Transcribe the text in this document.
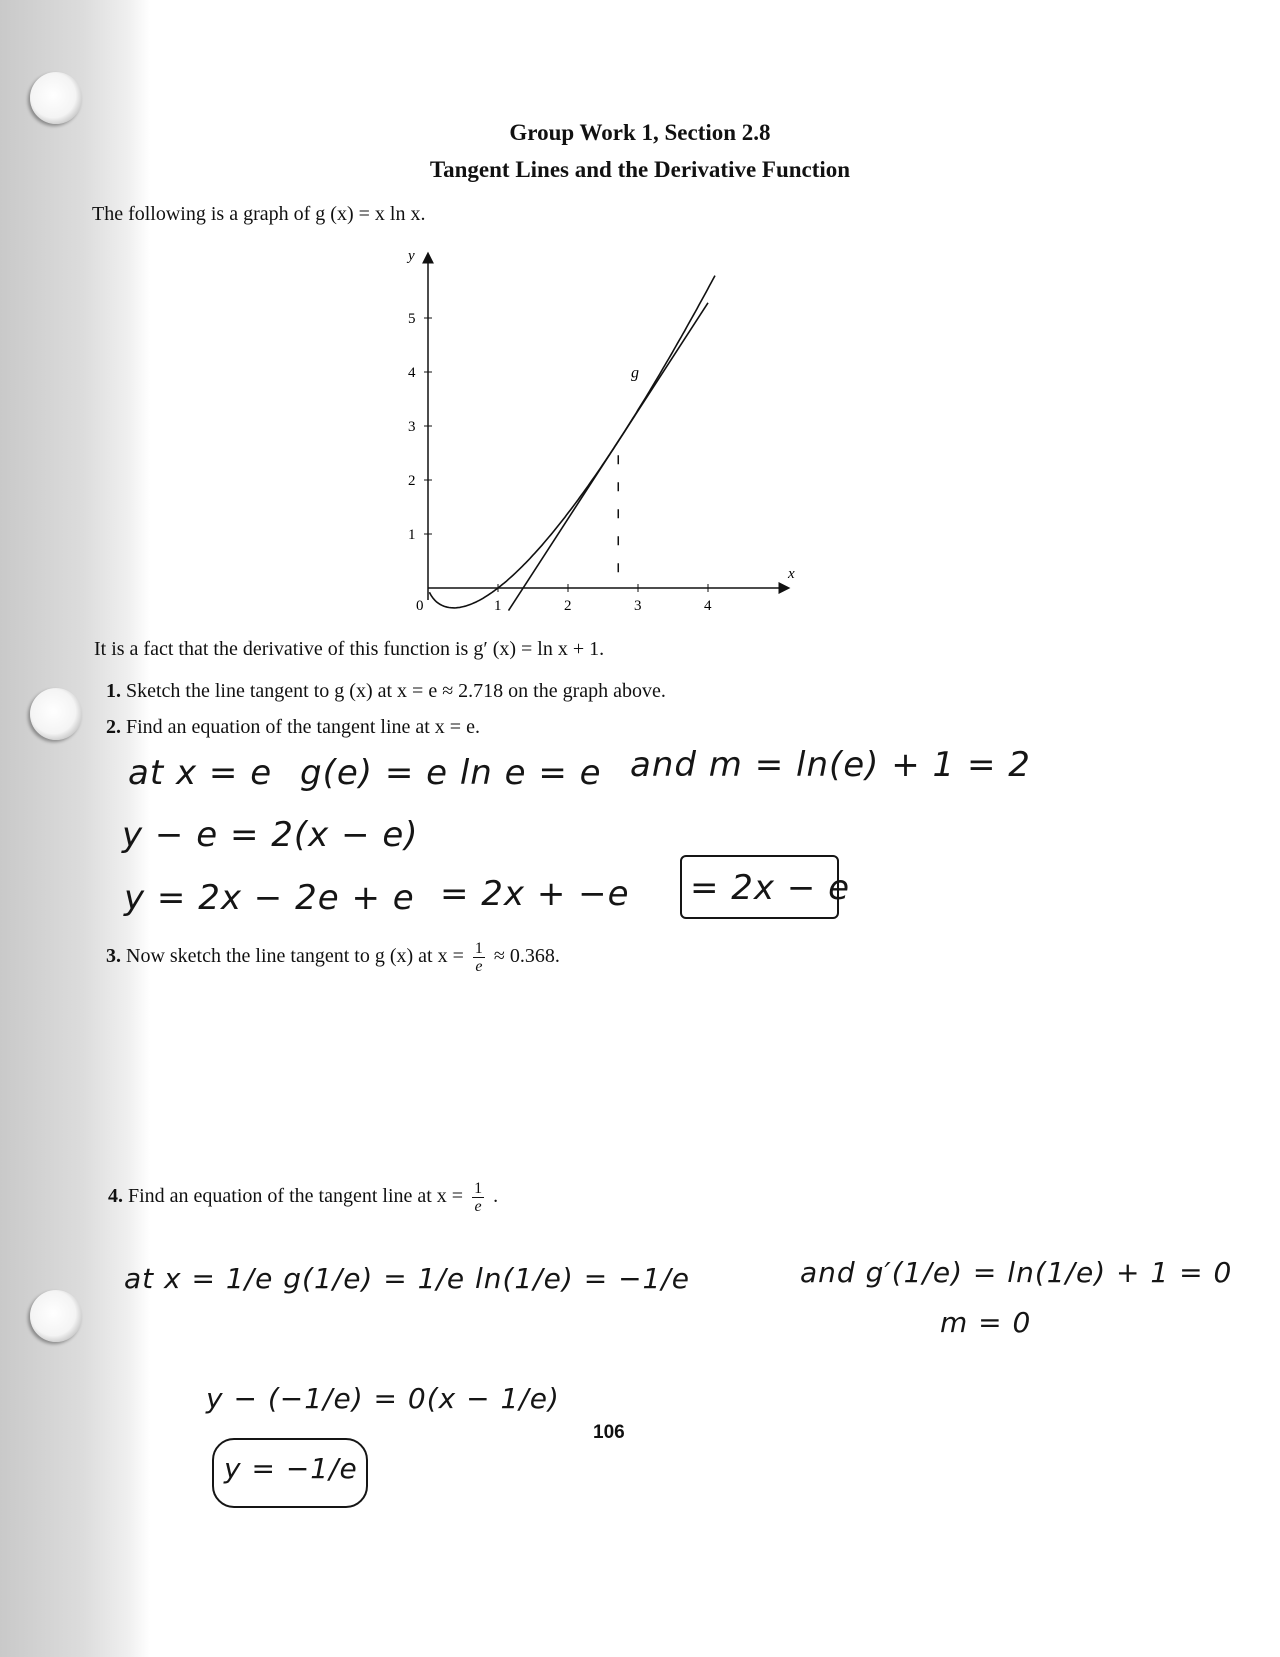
Group Work 1, Section 2.8
Tangent Lines and the Derivative Function
The following is a graph of g (x) = x ln x.
0	1	2	3	4
1
2
3
4
5
g
x
y
It is a fact that the derivative of this function is g′ (x) = ln x + 1.
1. Sketch the line tangent to g (x) at x = e ≈ 2.718 on the graph above.
2. Find an equation of the tangent line at x = e.
at x = e g(e) = e ln e = e and m = ln(e) + 1 = 2
y − e = 2(x − e)
y = 2x − 2e + e = 2x + −e = 2x − e
3. Now sketch the line tangent to g (x) at $x = \frac{1}{e} \approx 0.368$.
4. Find an equation of the tangent line at $x = \frac{1}{e}$ .
at x = 1/e g(1/e) = 1/e ln(1/e) = −1/e	and g′(1/e) = ln(1/e) + 1 = 0
m = 0
y − (−1/e) = 0(x − 1/e)
y = −1/e
106
